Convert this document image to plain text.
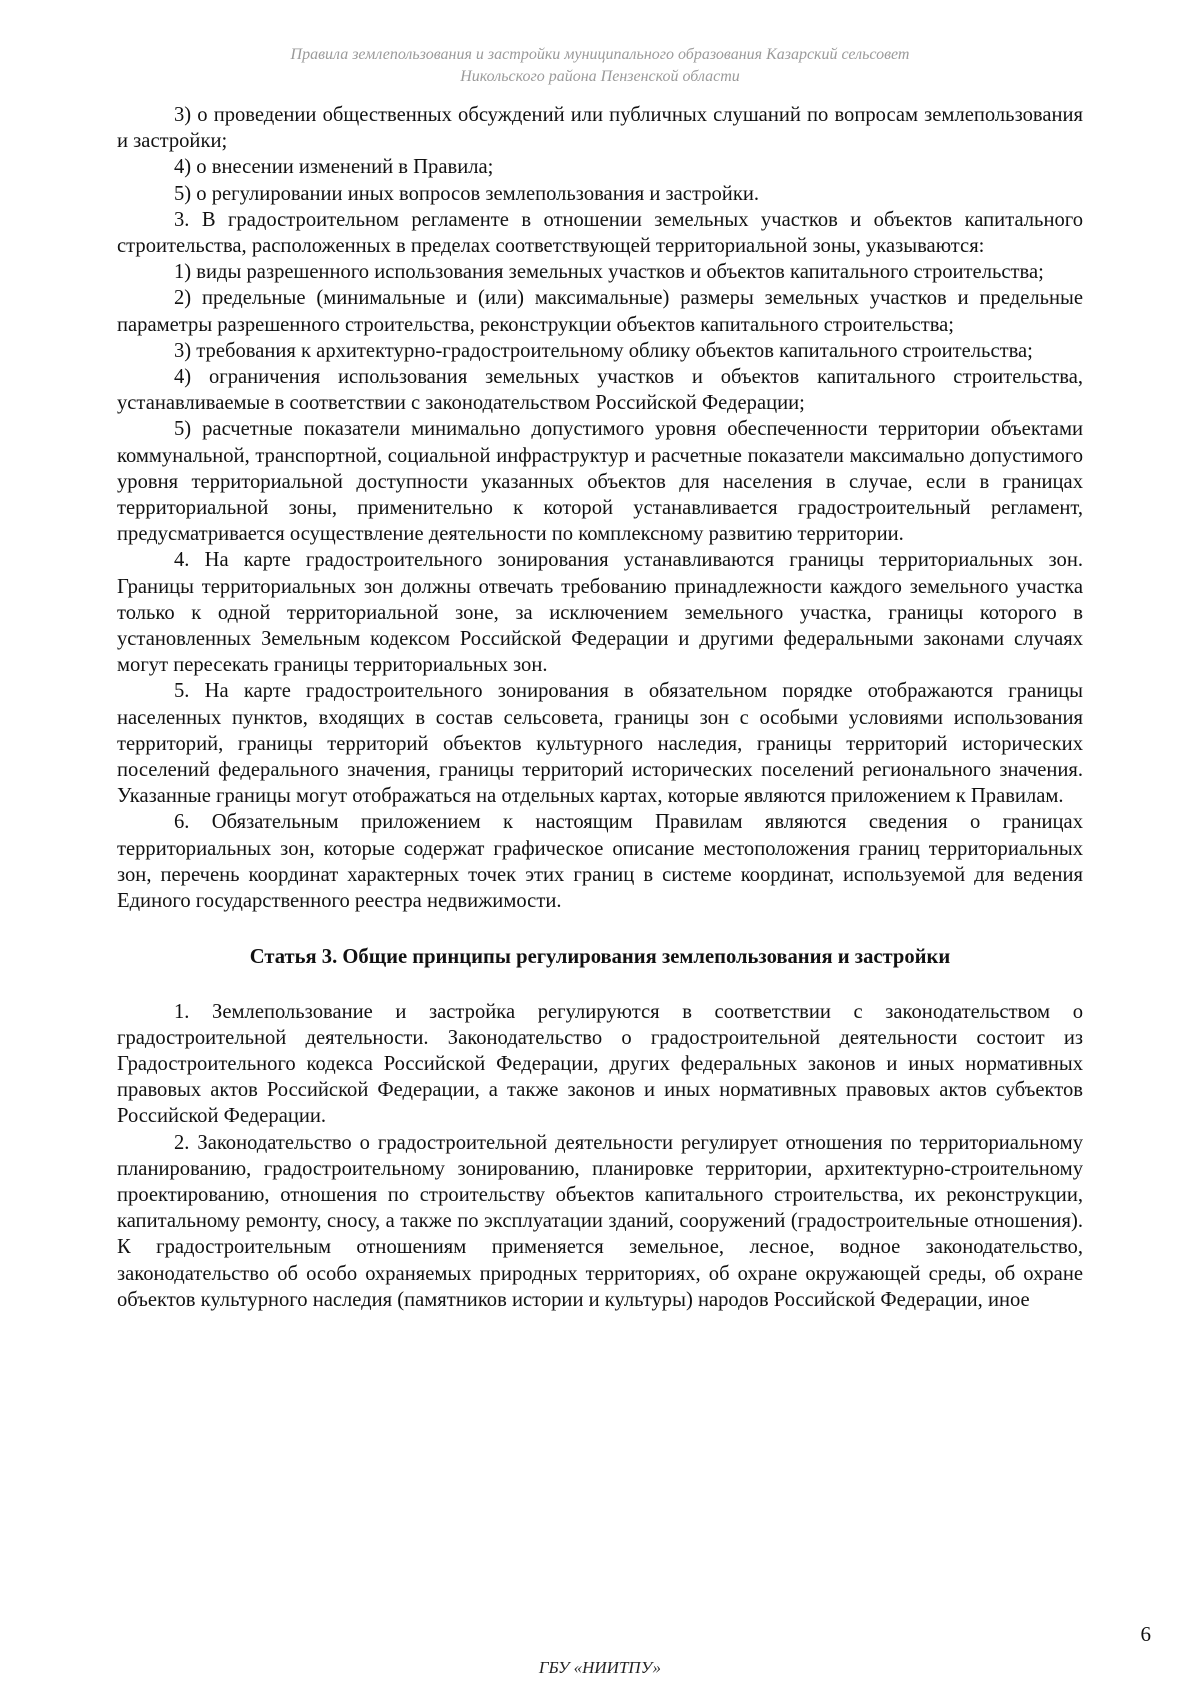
Правила землепользования и застройки муниципального образования Казарский сельсовет
Никольского района Пензенской области

3) о проведении общественных обсуждений или публичных слушаний по вопросам землепользования и застройки;

4) о внесении изменений в Правила;

5) о регулировании иных вопросов землепользования и застройки.

3. В градостроительном регламенте в отношении земельных участков и объектов капитального строительства, расположенных в пределах соответствующей территориальной зоны, указываются:

1) виды разрешенного использования земельных участков и объектов капитального строительства;

2) предельные (минимальные и (или) максимальные) размеры земельных участков и предельные параметры разрешенного строительства, реконструкции объектов капитального строительства;

3) требования к архитектурно-градостроительному облику объектов капитального строительства;

4) ограничения использования земельных участков и объектов капитального строительства, устанавливаемые в соответствии с законодательством Российской Федерации;

5) расчетные показатели минимально допустимого уровня обеспеченности территории объектами коммунальной, транспортной, социальной инфраструктур и расчетные показатели максимально допустимого уровня территориальной доступности указанных объектов для населения в случае, если в границах территориальной зоны, применительно к которой устанавливается градостроительный регламент, предусматривается осуществление деятельности по комплексному развитию территории.

4. На карте градостроительного зонирования устанавливаются границы территориальных зон. Границы территориальных зон должны отвечать требованию принадлежности каждого земельного участка только к одной территориальной зоне, за исключением земельного участка, границы которого в установленных Земельным кодексом Российской Федерации и другими федеральными законами случаях могут пересекать границы территориальных зон.

5. На карте градостроительного зонирования в обязательном порядке отображаются границы населенных пунктов, входящих в состав сельсовета, границы зон с особыми условиями использования территорий, границы территорий объектов культурного наследия, границы территорий исторических поселений федерального значения, границы территорий исторических поселений регионального значения. Указанные границы могут отображаться на отдельных картах, которые являются приложением к Правилам.

6. Обязательным приложением к настоящим Правилам являются сведения о границах территориальных зон, которые содержат графическое описание местоположения границ территориальных зон, перечень координат характерных точек этих границ в системе координат, используемой для ведения Единого государственного реестра недвижимости.

Статья 3. Общие принципы регулирования землепользования и застройки

1. Землепользование и застройка регулируются в соответствии с законодательством о градостроительной деятельности. Законодательство о градостроительной деятельности состоит из Градостроительного кодекса Российской Федерации, других федеральных законов и иных нормативных правовых актов Российской Федерации, а также законов и иных нормативных правовых актов субъектов Российской Федерации.

2. Законодательство о градостроительной деятельности регулирует отношения по территориальному планированию, градостроительному зонированию, планировке территории, архитектурно-строительному проектированию, отношения по строительству объектов капитального строительства, их реконструкции, капитальному ремонту, сносу, а также по эксплуатации зданий, сооружений (градостроительные отношения). К градостроительным отношениям применяется земельное, лесное, водное законодательство, законодательство об особо охраняемых природных территориях, об охране окружающей среды, об охране объектов культурного наследия (памятников истории и культуры) народов Российской Федерации, иное

6
ГБУ «НИИТПУ»
